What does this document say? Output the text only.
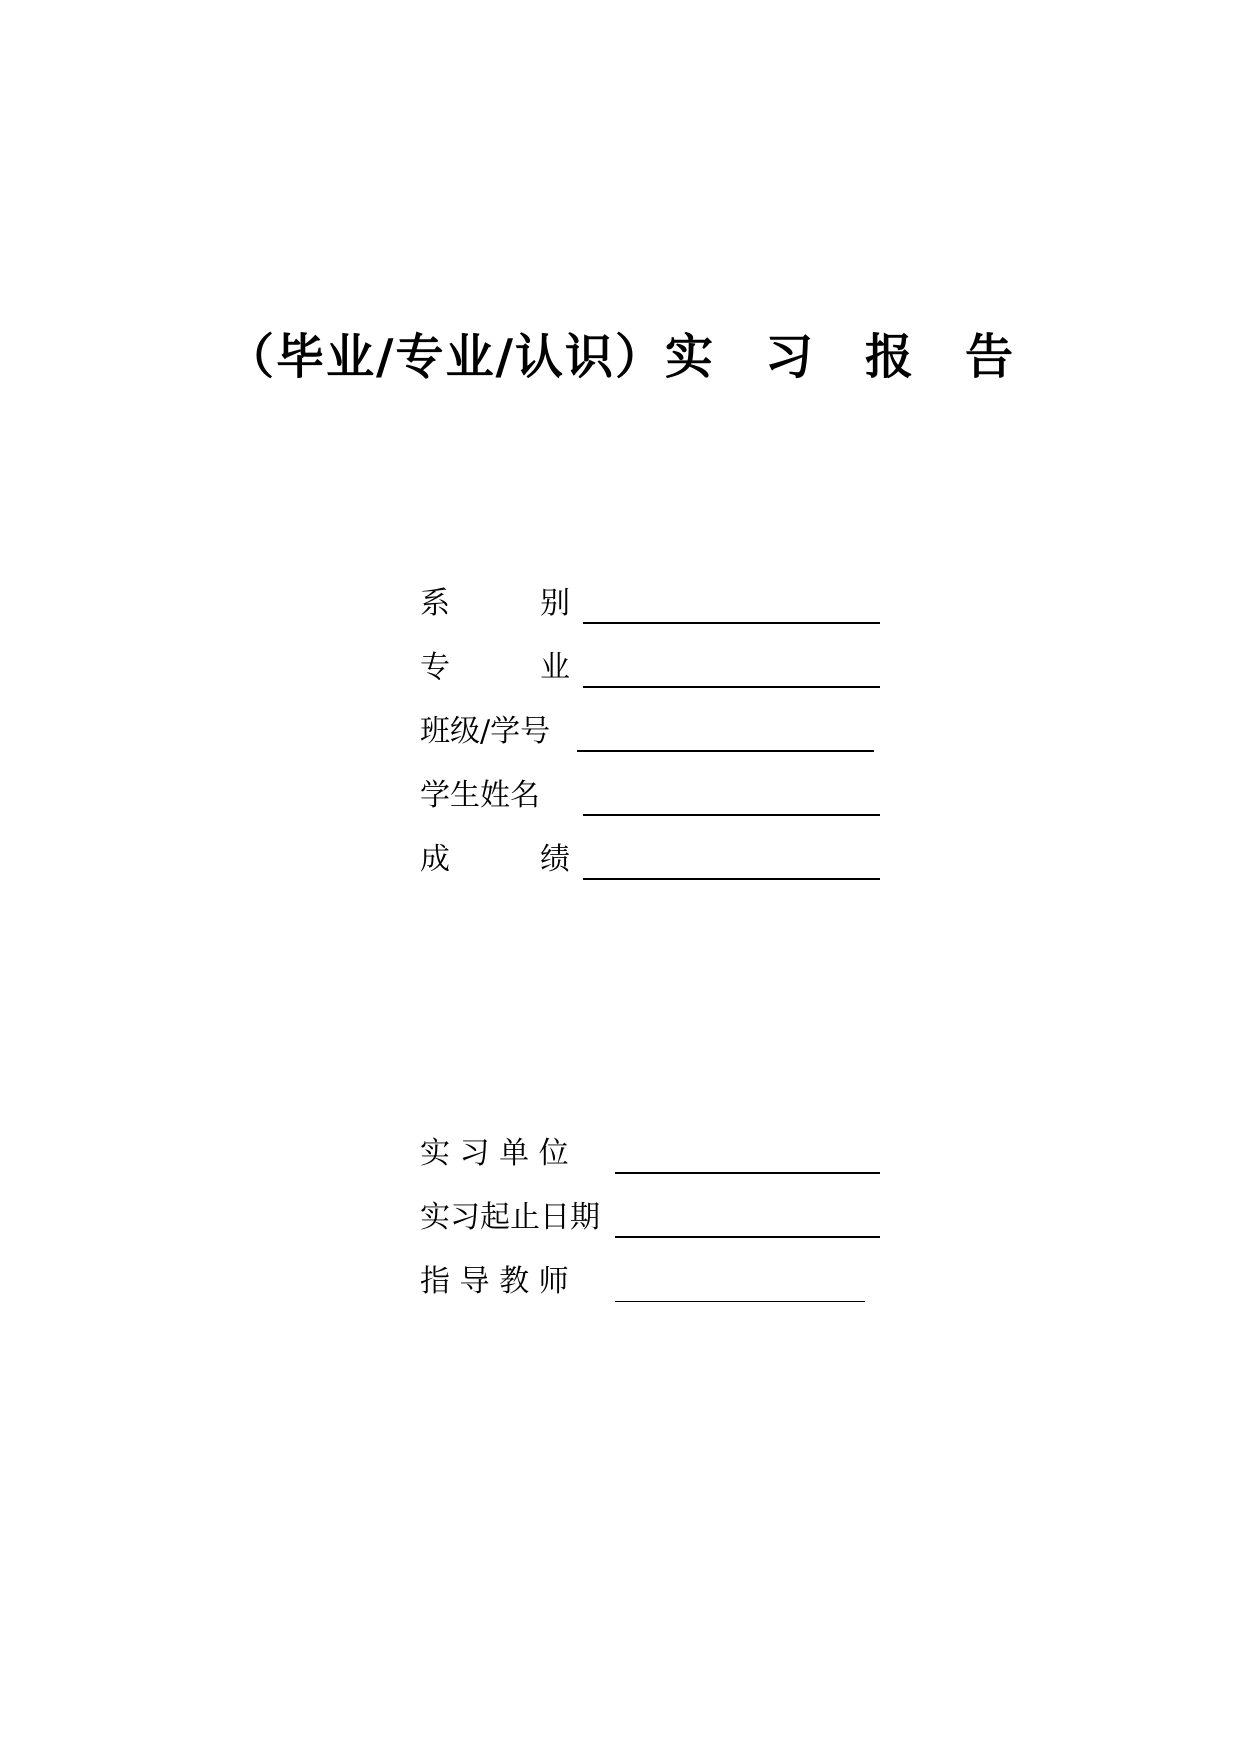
（毕业/专业/认识）实　习　报　告
系　　　别
专　　　业
班级/学号
学生姓名
成　　　绩
实 习 单 位
实习起止日期
指 导 教 师
